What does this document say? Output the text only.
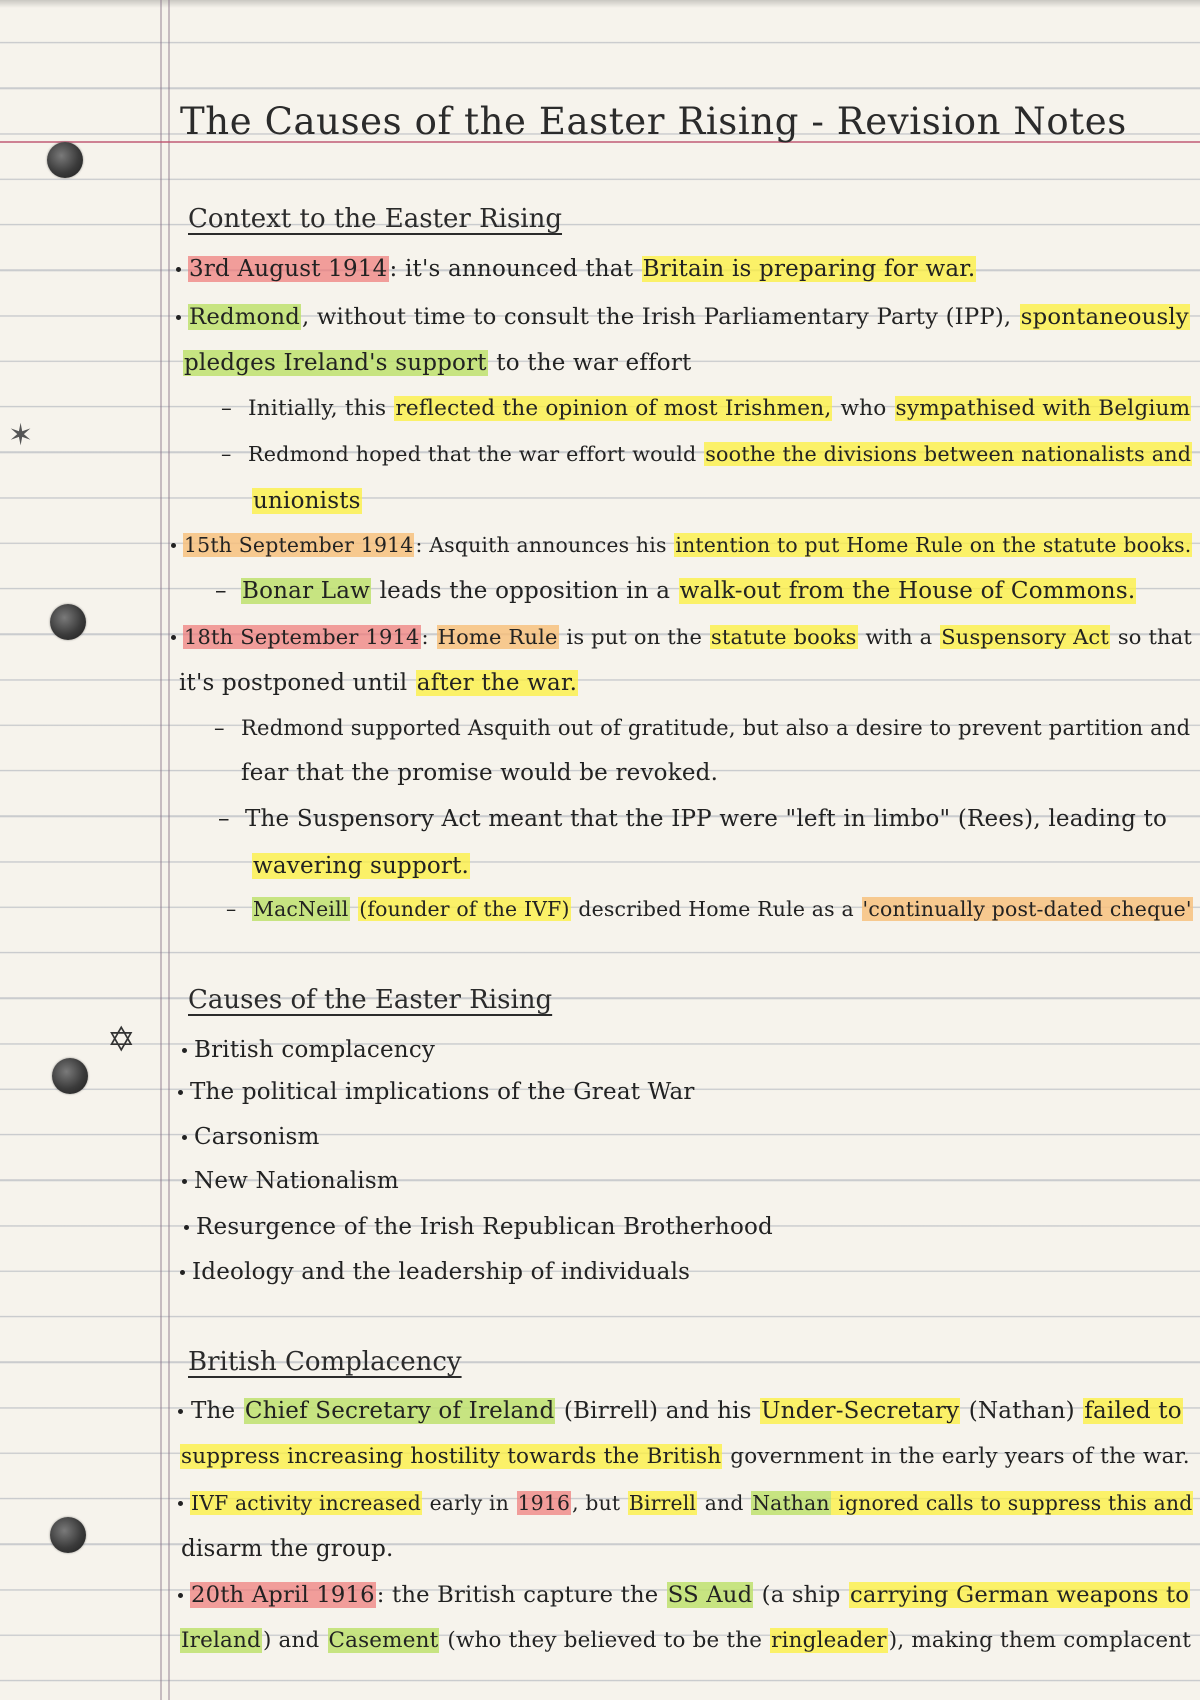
✶
✡
The Causes of the Easter Rising - Revision Notes
Context to the Easter Rising
3rd August 1914: it's announced that Britain is preparing for war.
Redmond, without time to consult the Irish Parliamentary Party (IPP), spontaneously
pledges Ireland's support to the war effort
– Initially, this reflected the opinion of most Irishmen, who sympathised with Belgium
– Redmond hoped that the war effort would soothe the divisions between nationalists and
unionists
15th September 1914: Asquith announces his intention to put Home Rule on the statute books.
– Bonar Law leads the opposition in a walk-out from the House of Commons.
18th September 1914: Home Rule is put on the statute books with a Suspensory Act so that
it's postponed until after the war.
– Redmond supported Asquith out of gratitude, but also a desire to prevent partition and
fear that the promise would be revoked.
– The Suspensory Act meant that the IPP were "left in limbo" (Rees), leading to
wavering support.
– MacNeill (founder of the IVF) described Home Rule as a 'continually post-dated cheque'
Causes of the Easter Rising
British complacency
The political implications of the Great War
Carsonism
New Nationalism
Resurgence of the Irish Republican Brotherhood
Ideology and the leadership of individuals
British Complacency
The Chief Secretary of Ireland (Birrell) and his Under-Secretary (Nathan) failed to
suppress increasing hostility towards the British government in the early years of the war.
IVF activity increased early in 1916, but Birrell and Nathan ignored calls to suppress this and
disarm the group.
20th April 1916: the British capture the SS Aud (a ship carrying German weapons to
Ireland) and Casement (who they believed to be the ringleader), making them complacent
